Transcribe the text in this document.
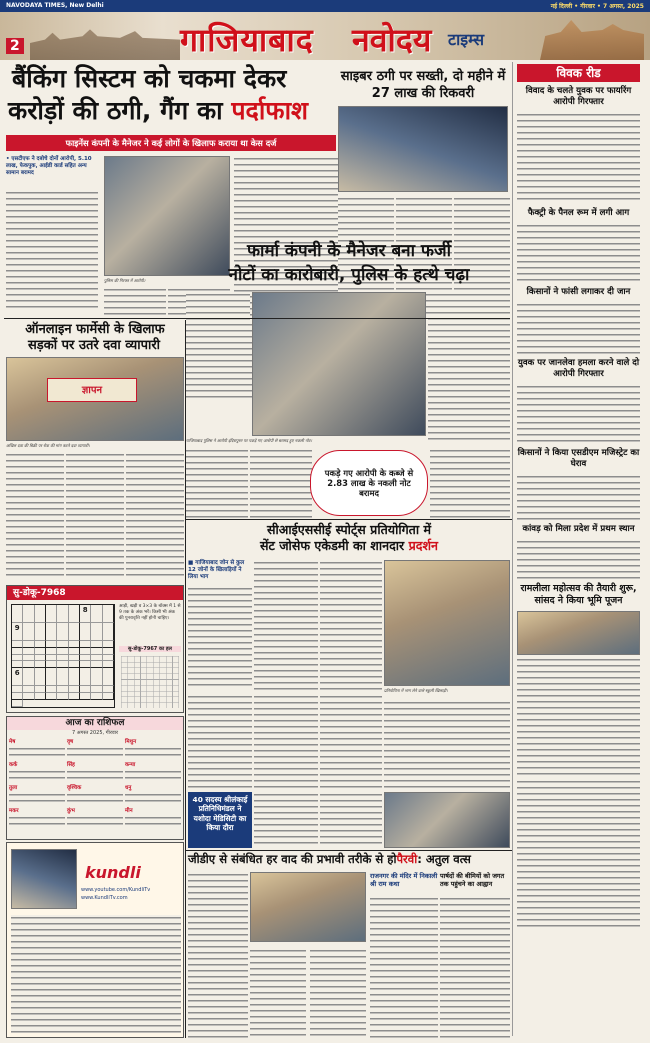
NAVODAYA TIMES, New Delhi	नई दिल्ली • गीरवार • 7 अगस्त, 2025
2	गाजियाबाद नवोदय टाइम्स
बैंकिंग सिस्टम को चकमा देकर
करोड़ों की ठगी, गैंग का पर्दाफाश
फाइनेंस कंपनी के मैनेजर ने कई लोगों के खिलाफ कराया था केस दर्ज
• एसटीएफ ने दबोचे दोनों आरोपी, 5.10 लाख, फेकपुक, आईडी कार्ड सहित अन्य सामान बरामद
पुलिस की गिरफ्त में आरोपी।
साइबर ठगी पर सख्ती, दो महीने में 27 लाख की रिकवरी
विवक रीड
विवाद के चलते युवक पर फायरिंग आरोपी गिरफ्तार
फैक्ट्री के पैनल रूम में लगी आग
किसानों ने फांसी लगाकर दी जान
युवक पर जानलेवा हमला करने वाले दो आरोपी गिरफ्तार
किसानों ने किया एसडीएम मजिस्ट्रेट का घेराव
कांवड़ को मिला प्रदेश में प्रथम स्थान
रामलीला महोत्सव की तैयारी शुरू, सांसद ने किया भूमि पूजन
ऑनलाइन फार्मेसी के खिलाफ
सड़कों पर उतरे दवा व्यापारी
ज्ञापन
अखिल दवा की बिक्री पर रोक की मांग करते दवा व्यापारी।
फार्मा कंपनी के मैनेजर बना फर्जी
नोटों का कारोबारी, पुलिस के हत्थे चढ़ा
गाजियाबाद पुलिस ने आरोपी इंदिरापुरम पर पकड़े गए आरोपी से बरामद हुए नकली नोट।
पकड़े गए आरोपी के कब्जे से 2.83 लाख के नकली नोट बरामद
सीआईएससीई स्पोर्ट्स प्रतियोगिता में
सेंट जोसेफ एकेडमी का शानदार प्रदर्शन
■ गाजियाबाद जोन से कुल 12 जोनों के खिलाड़ियों ने लिया भाग
प्रतियोगिता में भाग लेने वाले स्कूली खिलाड़ी।
सु-डोकू-7968
8
9
6
आड़ी, खड़ी व 3×3 के बॉक्स में 1 से 9 तक के अंक भरें। किसी भी अंक की पुनरावृत्ति नहीं होनी चाहिए।
सु-डोकू-7967 का हल
आज का राशिफल
7 अगस्त 2025, गीरवार
मेष	वृष	मिथुन
कर्क	सिंह	कन्या
तुला	वृश्चिक	धनु
मकर	कुंभ	मीन
kundli
www.youtube.com/KundliTv
www.KundliTv.com
40 सदस्य श्रीलंकाई प्रतिनिधिमंडल ने यशोदा मेडिसिटी का किया दौरा
जीडीए से संबंधित हर वाद की प्रभावी तरीके से होपैरवी: अतुल वत्स
राजनगर की मंदिर में निकाली श्री राम कथा
पार्षदों की बीमियों को जगत तक पहुंचने का आह्वान
